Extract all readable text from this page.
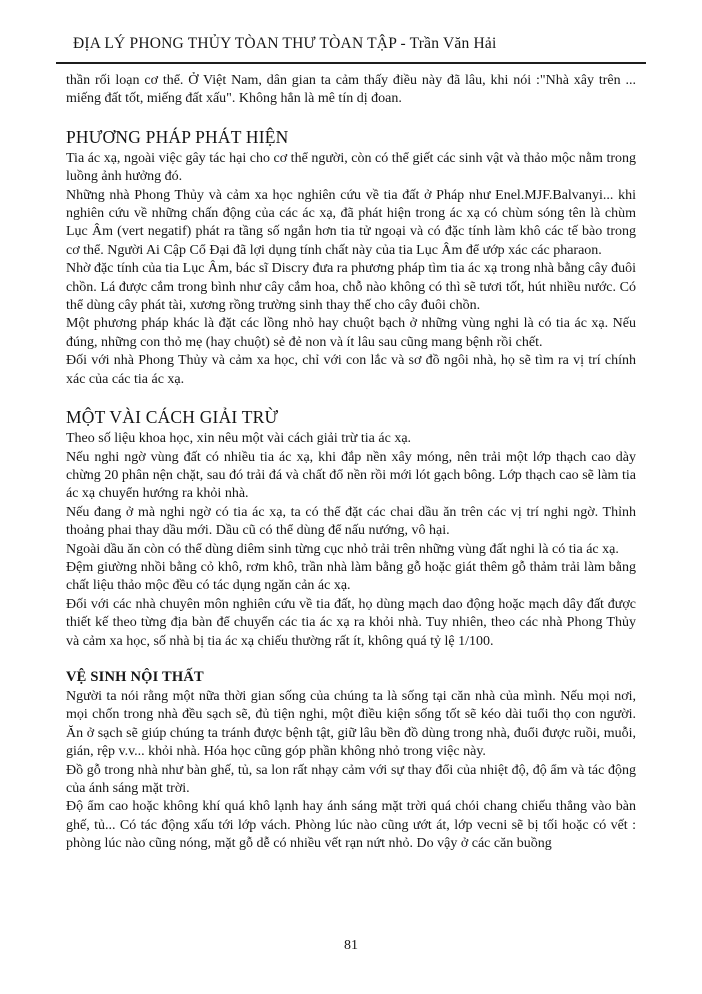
ĐỊA LÝ PHONG THỦY TÒAN THƯ TÒAN TẬP - Trần Văn Hải

thần rối loạn cơ thể. Ở Việt Nam, dân gian ta cảm thấy điều này đã lâu, khi nói :"Nhà xây trên ... miếng đất tốt, miếng đất xấu". Không hẳn là mê tín dị đoan.

PHƯƠNG PHÁP PHÁT HIỆN

Tia ác xạ, ngoài việc gây tác hại cho cơ thể người, còn có thể giết các sinh vật và thảo mộc nằm trong luồng ảnh hưởng đó.

Những nhà Phong Thủy và cảm xa học nghiên cứu về tia đất ở Pháp như Enel.MJF.Balvanyi... khi nghiên cứu về những chấn động của các ác xạ, đã phát hiện trong ác xạ có chùm sóng tên là chùm Lục Âm (vert negatif) phát ra tầng số ngắn hơn tia tử ngoại và có đặc tính làm khô các tế bào trong cơ thể. Người Ai Cập Cổ Đại đã lợi dụng tính chất này của tia Lục Âm để ướp xác các pharaon.

Nhờ đặc tính của tia Lục Âm, bác sĩ Discry đưa ra phương pháp tìm tia ác xạ trong nhà bằng cây đuôi chồn. Lá được cắm trong bình như cây cắm hoa, chỗ nào không có thì sẽ tươi tốt, hút nhiều nước. Có thể dùng cây phát tài, xương rồng trường sinh thay thế cho cây đuôi chồn.

Một phương pháp khác là đặt các lồng nhỏ hay chuột bạch ở những vùng nghi là có tia ác xạ. Nếu đúng, những con thỏ mẹ (hay chuột) sẻ đẻ non và ít lâu sau cũng mang bệnh rồi chết.

Đối với nhà Phong Thủy và cảm xa học, chỉ với con lắc và sơ đồ ngôi nhà, họ sẽ tìm ra vị trí chính xác của các tia ác xạ.

MỘT VÀI CÁCH GIẢI TRỪ

Theo số liệu khoa học, xin nêu một vài cách giải trừ tia ác xạ.

Nếu nghi ngờ vùng đất có nhiều tia ác xạ, khi đắp nền xây móng, nên trải một lớp thạch cao dày chừng 20 phân nện chặt, sau đó trải đá và chất đổ nền rồi mới lót gạch bông. Lớp thạch cao sẽ làm tia ác xạ chuyển hướng ra khỏi nhà.

Nếu đang ở mà nghi ngờ có tia ác xạ, ta có thể đặt các chai dầu ăn trên các vị trí nghi ngờ. Thỉnh thoảng phai thay dầu mới. Dầu cũ có thể dùng để nấu nướng, vô hại.

Ngoài dầu ăn còn có thể dùng diêm sinh từng cục nhỏ trải trên những vùng đất nghi là có tia ác xạ.

Đệm giường nhồi bằng cỏ khô, rơm khô, trần nhà làm bằng gỗ hoặc giát thêm gỗ thảm trải làm bằng chất liệu thảo mộc đều có tác dụng ngăn cản ác xạ.

Đối với các nhà chuyên môn nghiên cứu về tia đất, họ dùng mạch dao động hoặc mạch dây đất được thiết kế theo từng địa bàn để chuyển các tia ác xạ ra khỏi nhà. Tuy nhiên, theo các nhà Phong Thủy và cảm xa học, số nhà bị tia ác xạ chiếu thường rất ít, không quá tỷ lệ 1/100.

VỆ SINH NỘI THẤT

Người ta nói rằng một nữa thời gian sống của chúng ta là sống tại căn nhà của mình. Nếu mọi nơi, mọi chốn trong nhà đều sạch sẽ, đủ tiện nghi, một điều kiện sống tốt sẽ kéo dài tuổi thọ con người. Ăn ở sạch sẽ giúp chúng ta tránh được bệnh tật, giữ lâu bền đồ dùng trong nhà, đuổi được ruồi, muỗi, gián, rệp v.v... khỏi nhà. Hóa học cũng góp phần không nhỏ trong việc này.

Đồ gỗ trong nhà như bàn ghế, tủ, sa lon rất nhạy cảm với sự thay đổi của nhiệt độ, độ ẩm và tác động của ánh sáng mặt trời.

Độ ẩm cao hoặc không khí quá khô lạnh hay ánh sáng mặt trời quá chói chang chiếu thẳng vào bàn ghế, tủ... Có tác động xấu tới lớp vách. Phòng lúc nào cũng ướt át, lớp vecni sẽ bị tối hoặc có vết : phòng lúc nào cũng nóng, mặt gỗ dễ có nhiều vết rạn nứt nhỏ. Do vậy ở các căn buồng

81
